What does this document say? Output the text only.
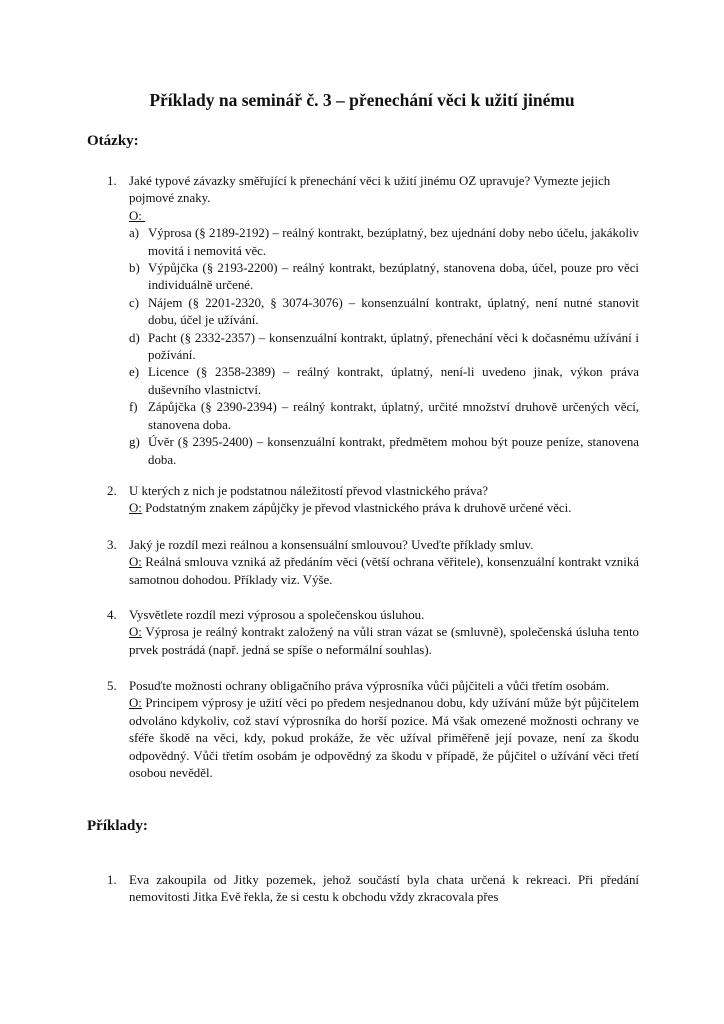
Příklady na seminář č. 3 – přenechání věci k užití jinému
Otázky:
1. Jaké typové závazky směřující k přenechání věci k užití jinému OZ upravuje? Vymezte jejich pojmové znaky.

O:

a) Výprosa (§ 2189-2192) – reálný kontrakt, bezúplatný, bez ujednání doby nebo účelu, jakákoliv movitá i nemovitá věc.
b) Výpůjčka (§ 2193-2200) – reálný kontrakt, bezúplatný, stanovena doba, účel, pouze pro věci individuálně určené.
c) Nájem (§ 2201-2320, § 3074-3076) – konsenzuální kontrakt, úplatný, není nutné stanovit dobu, účel je užívání.
d) Pacht (§ 2332-2357) – konsenzuální kontrakt, úplatný, přenechání věci k dočasnému užívání i požívání.
e) Licence (§ 2358-2389) – reálný kontrakt, úplatný, není-li uvedeno jinak, výkon práva duševního vlastnictví.
f) Zápůjčka (§ 2390-2394) – reálný kontrakt, úplatný, určité množství druhově určených věcí, stanovena doba.
g) Úvěr (§ 2395-2400) – konsenzuální kontrakt, předmětem mohou být pouze peníze, stanovena doba.
2. U kterých z nich je podstatnou náležitostí převod vlastnického práva?

O: Podstatným znakem zápůjčky je převod vlastnického práva k druhově určené věci.

3. Jaký je rozdíl mezi reálnou a konsensuální smlouvou? Uveďte příklady smluv.

O: Reálná smlouva vzniká až předáním věci (větší ochrana věřitele), konsenzuální kontrakt vzniká samotnou dohodou. Příklady viz. Výše.

4. Vysvětlete rozdíl mezi výprosou a společenskou úsluhou.

O: Výprosa je reálný kontrakt založený na vůli stran vázat se (smluvně), společenská úsluha tento prvek postrádá (např. jedná se spíše o neformální souhlas).

5. Posuďte možnosti ochrany obligačního práva výprosníka vůči půjčiteli a vůči třetím osobám.

O: Principem výprosy je užití věci po předem nesjednanou dobu, kdy užívání může být půjčitelem odvoláno kdykoliv, což staví výprosníka do horší pozice. Má však omezené možnosti ochrany ve sféře škodě na věci, kdy, pokud prokáže, že věc užíval přiměřeně její povaze, není za škodu odpovědný. Vůči třetím osobám je odpovědný za škodu v případě, že půjčitel o užívání věci třetí osobou nevěděl.

Příklady:
1. Eva zakoupila od Jitky pozemek, jehož součástí byla chata určená k rekreaci. Při předání nemovitosti Jitka Evě řekla, že si cestu k obchodu vždy zkracovala přes
